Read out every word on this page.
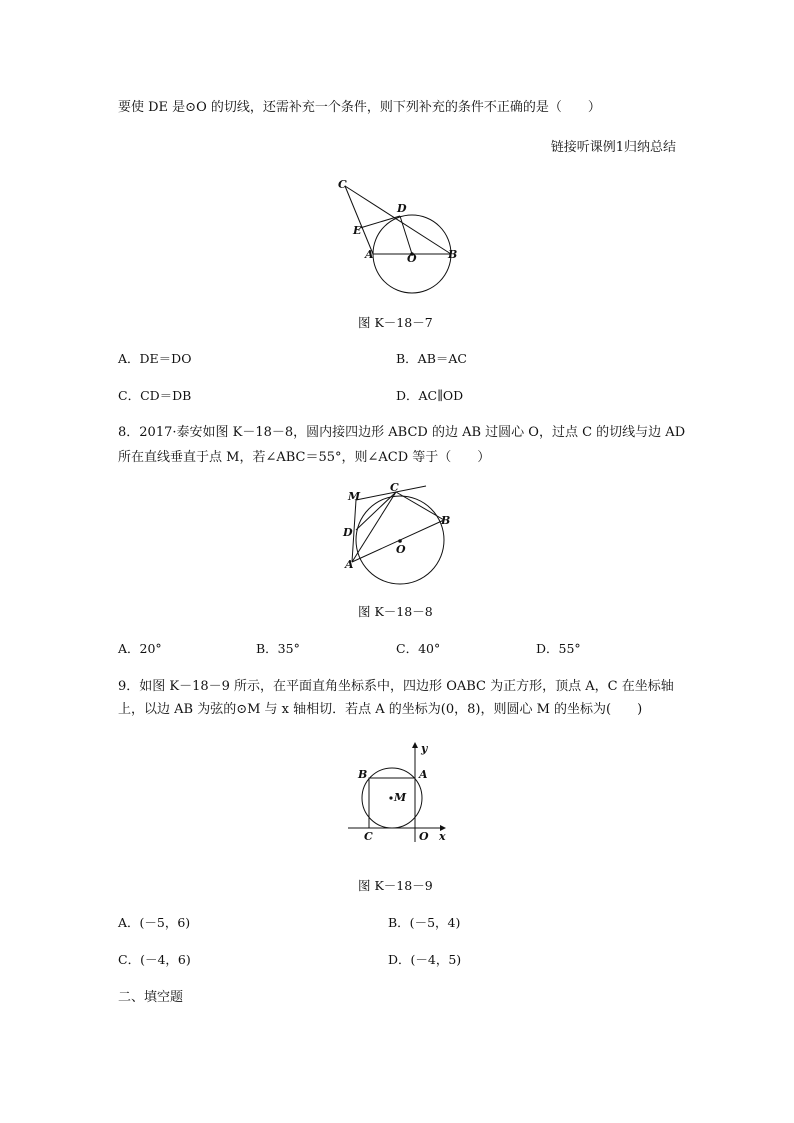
要使 DE 是⊙O 的切线，还需补充一个条件，则下列补充的条件不正确的是（　　）
链接听课例1归纳总结
C
D
E
A	O	B
图 K－18－7
A．DE＝DO	B．AB＝AC
C．CD＝DB	D．AC∥OD
8．2017·泰安如图 K－18－8，圆内接四边形 ABCD 的边 AB 过圆心 O，过点 C 的切线与边 AD
所在直线垂直于点 M，若∠ABC＝55°，则∠ACD 等于（　　）
M
C
D
B
O
A
图 K－18－8
A．20°	B．35°	C．40°	D．55°
9．如图 K－18－9 所示，在平面直角坐标系中，四边形 OABC 为正方形，顶点 A，C 在坐标轴
上，以边 AB 为弦的⊙M 与 x 轴相切．若点 A 的坐标为(0，8)，则圆心 M 的坐标为(　　)
y
B	A
M
C	O x
图 K－18－9
A．(－5，6)	B．(－5，4)
C．(－4，6)	D．(－4，5)
二、填空题
